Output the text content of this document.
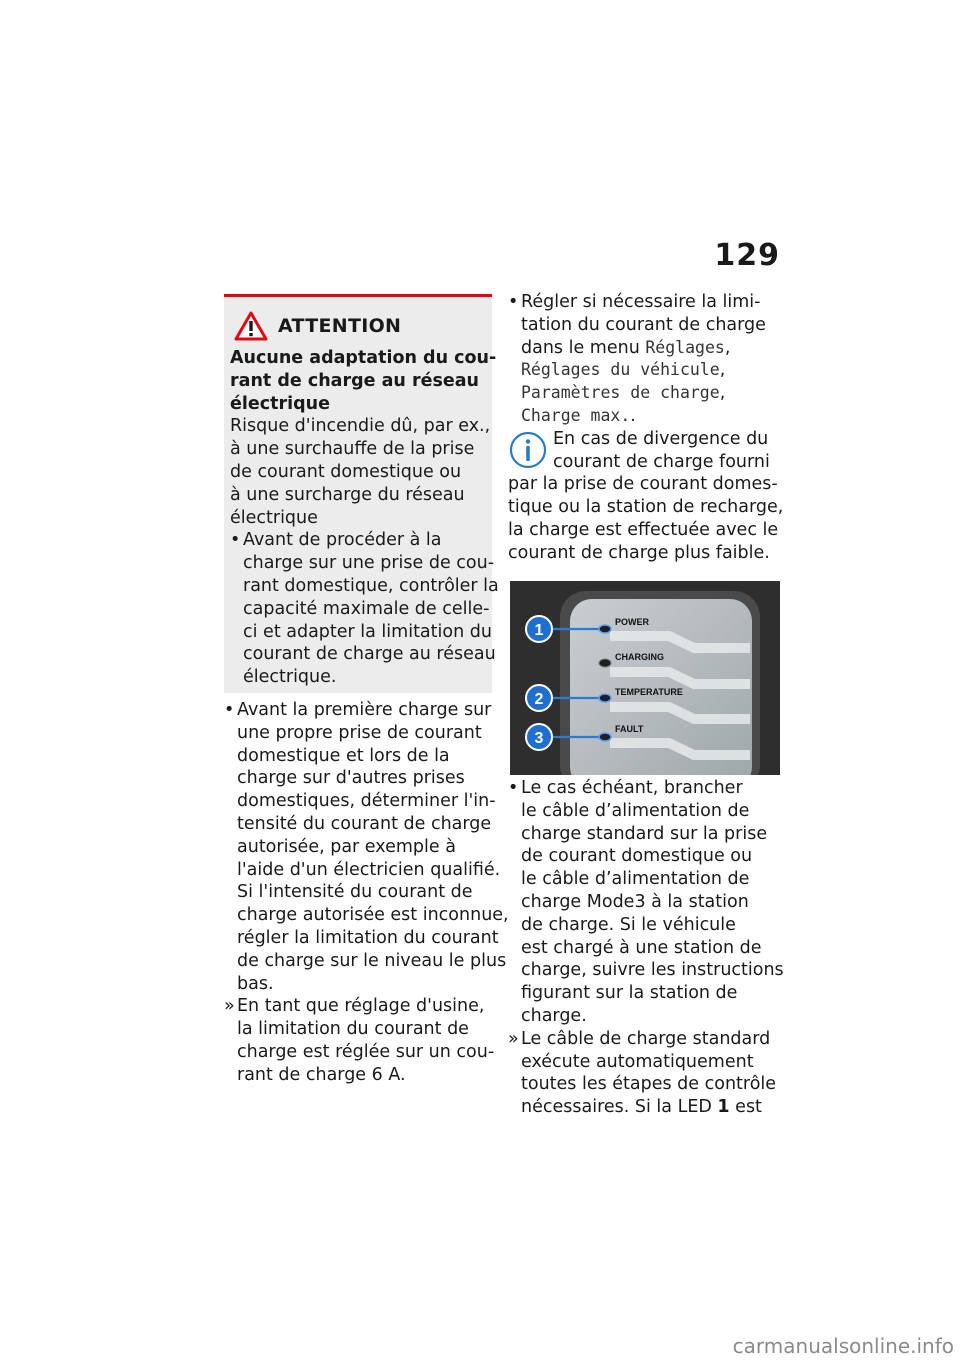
129
ATTENTION
Aucune adaptation du cou-
rant de charge au réseau
électrique
Risque d'incendie dû, par ex.,
à une surchauffe de la prise
de courant domestique ou
à une surcharge du réseau
électrique
• Avant de procéder à la
charge sur une prise de cou-
rant domestique, contrôler la
capacité maximale de celle-
ci et adapter la limitation du
courant de charge au réseau
électrique.
• Avant la première charge sur
une propre prise de courant
domestique et lors de la
charge sur d'autres prises
domestiques, déterminer l'in-
tensité du courant de charge
autorisée, par exemple à
l'aide d'un électricien qualifié.
Si l'intensité du courant de
charge autorisée est inconnue,
régler la limitation du courant
de charge sur le niveau le plus
bas.
» En tant que réglage d'usine,
la limitation du courant de
charge est réglée sur un cou-
rant de charge 6 A.
• Régler si nécessaire la limi-
tation du courant de charge
dans le menu Réglages,
Réglages du véhicule,
Paramètres de charge,
Charge max..
En cas de divergence du
courant de charge fourni
par la prise de courant domes-
tique ou la station de recharge,
la charge est effectuée avec le
courant de charge plus faible.
POWER
CHARGING
TEMPERATURE
FAULT
1
2
3
• Le cas échéant, brancher
le câble d’alimentation de
charge standard sur la prise
de courant domestique ou
le câble d’alimentation de
charge Mode3 à la station
de charge. Si le véhicule
est chargé à une station de
charge, suivre les instructions
figurant sur la station de
charge.
» Le câble de charge standard
exécute automatiquement
toutes les étapes de contrôle
nécessaires. Si la LED 1 est
carmanualsonline.info
